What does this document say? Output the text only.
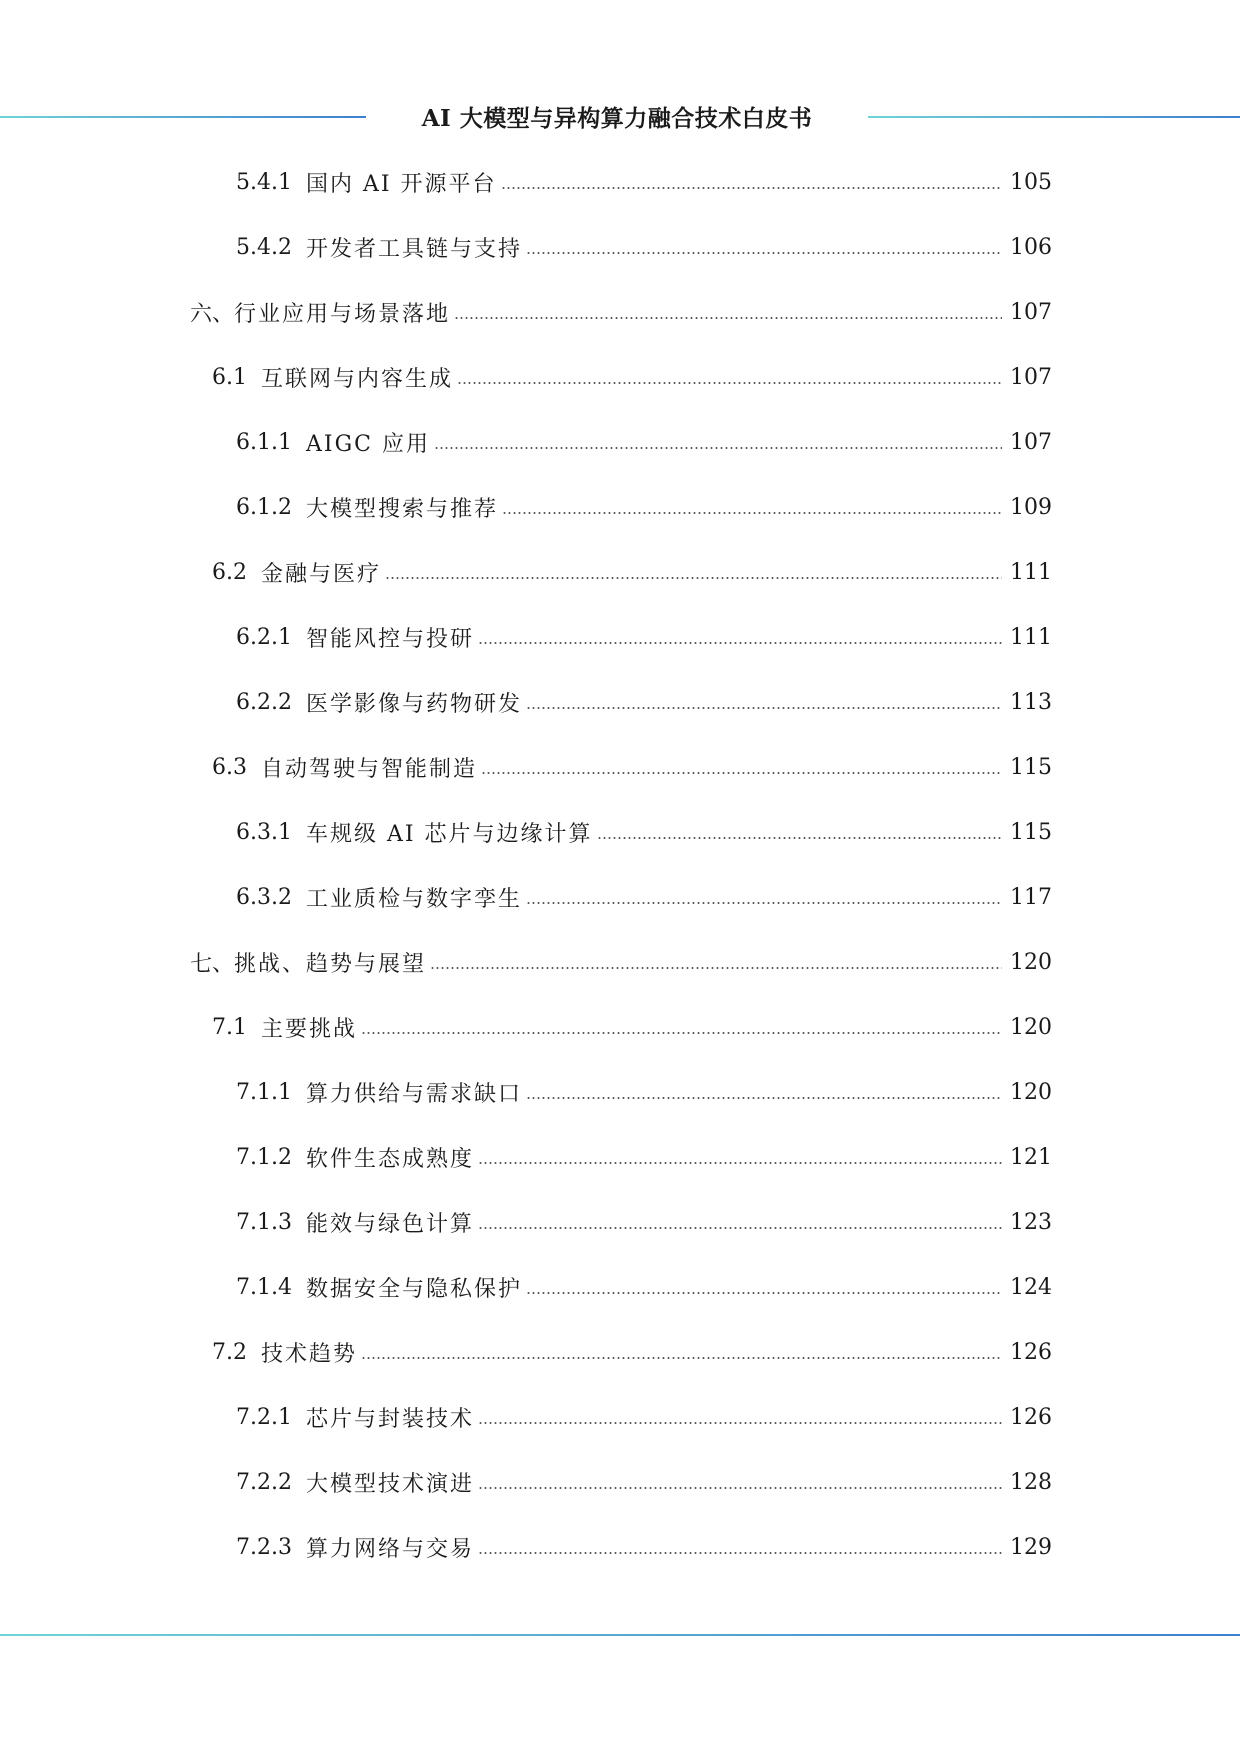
AI 大模型与异构算力融合技术白皮书
5.4.1 国内 AI 开源平台	105
5.4.2 开发者工具链与支持	106
六、 行业应用与场景落地	107
6.1 互联网与内容生成	107
6.1.1 AIGC 应用	107
6.1.2 大模型搜索与推荐	109
6.2 金融与医疗	111
6.2.1 智能风控与投研	111
6.2.2 医学影像与药物研发	113
6.3 自动驾驶与智能制造	115
6.3.1 车规级 AI 芯片与边缘计算	115
6.3.2 工业质检与数字孪生	117
七、 挑战、趋势与展望	120
7.1 主要挑战	120
7.1.1 算力供给与需求缺口	120
7.1.2 软件生态成熟度	121
7.1.3 能效与绿色计算	123
7.1.4 数据安全与隐私保护	124
7.2 技术趋势	126
7.2.1 芯片与封装技术	126
7.2.2 大模型技术演进	128
7.2.3 算力网络与交易	129
